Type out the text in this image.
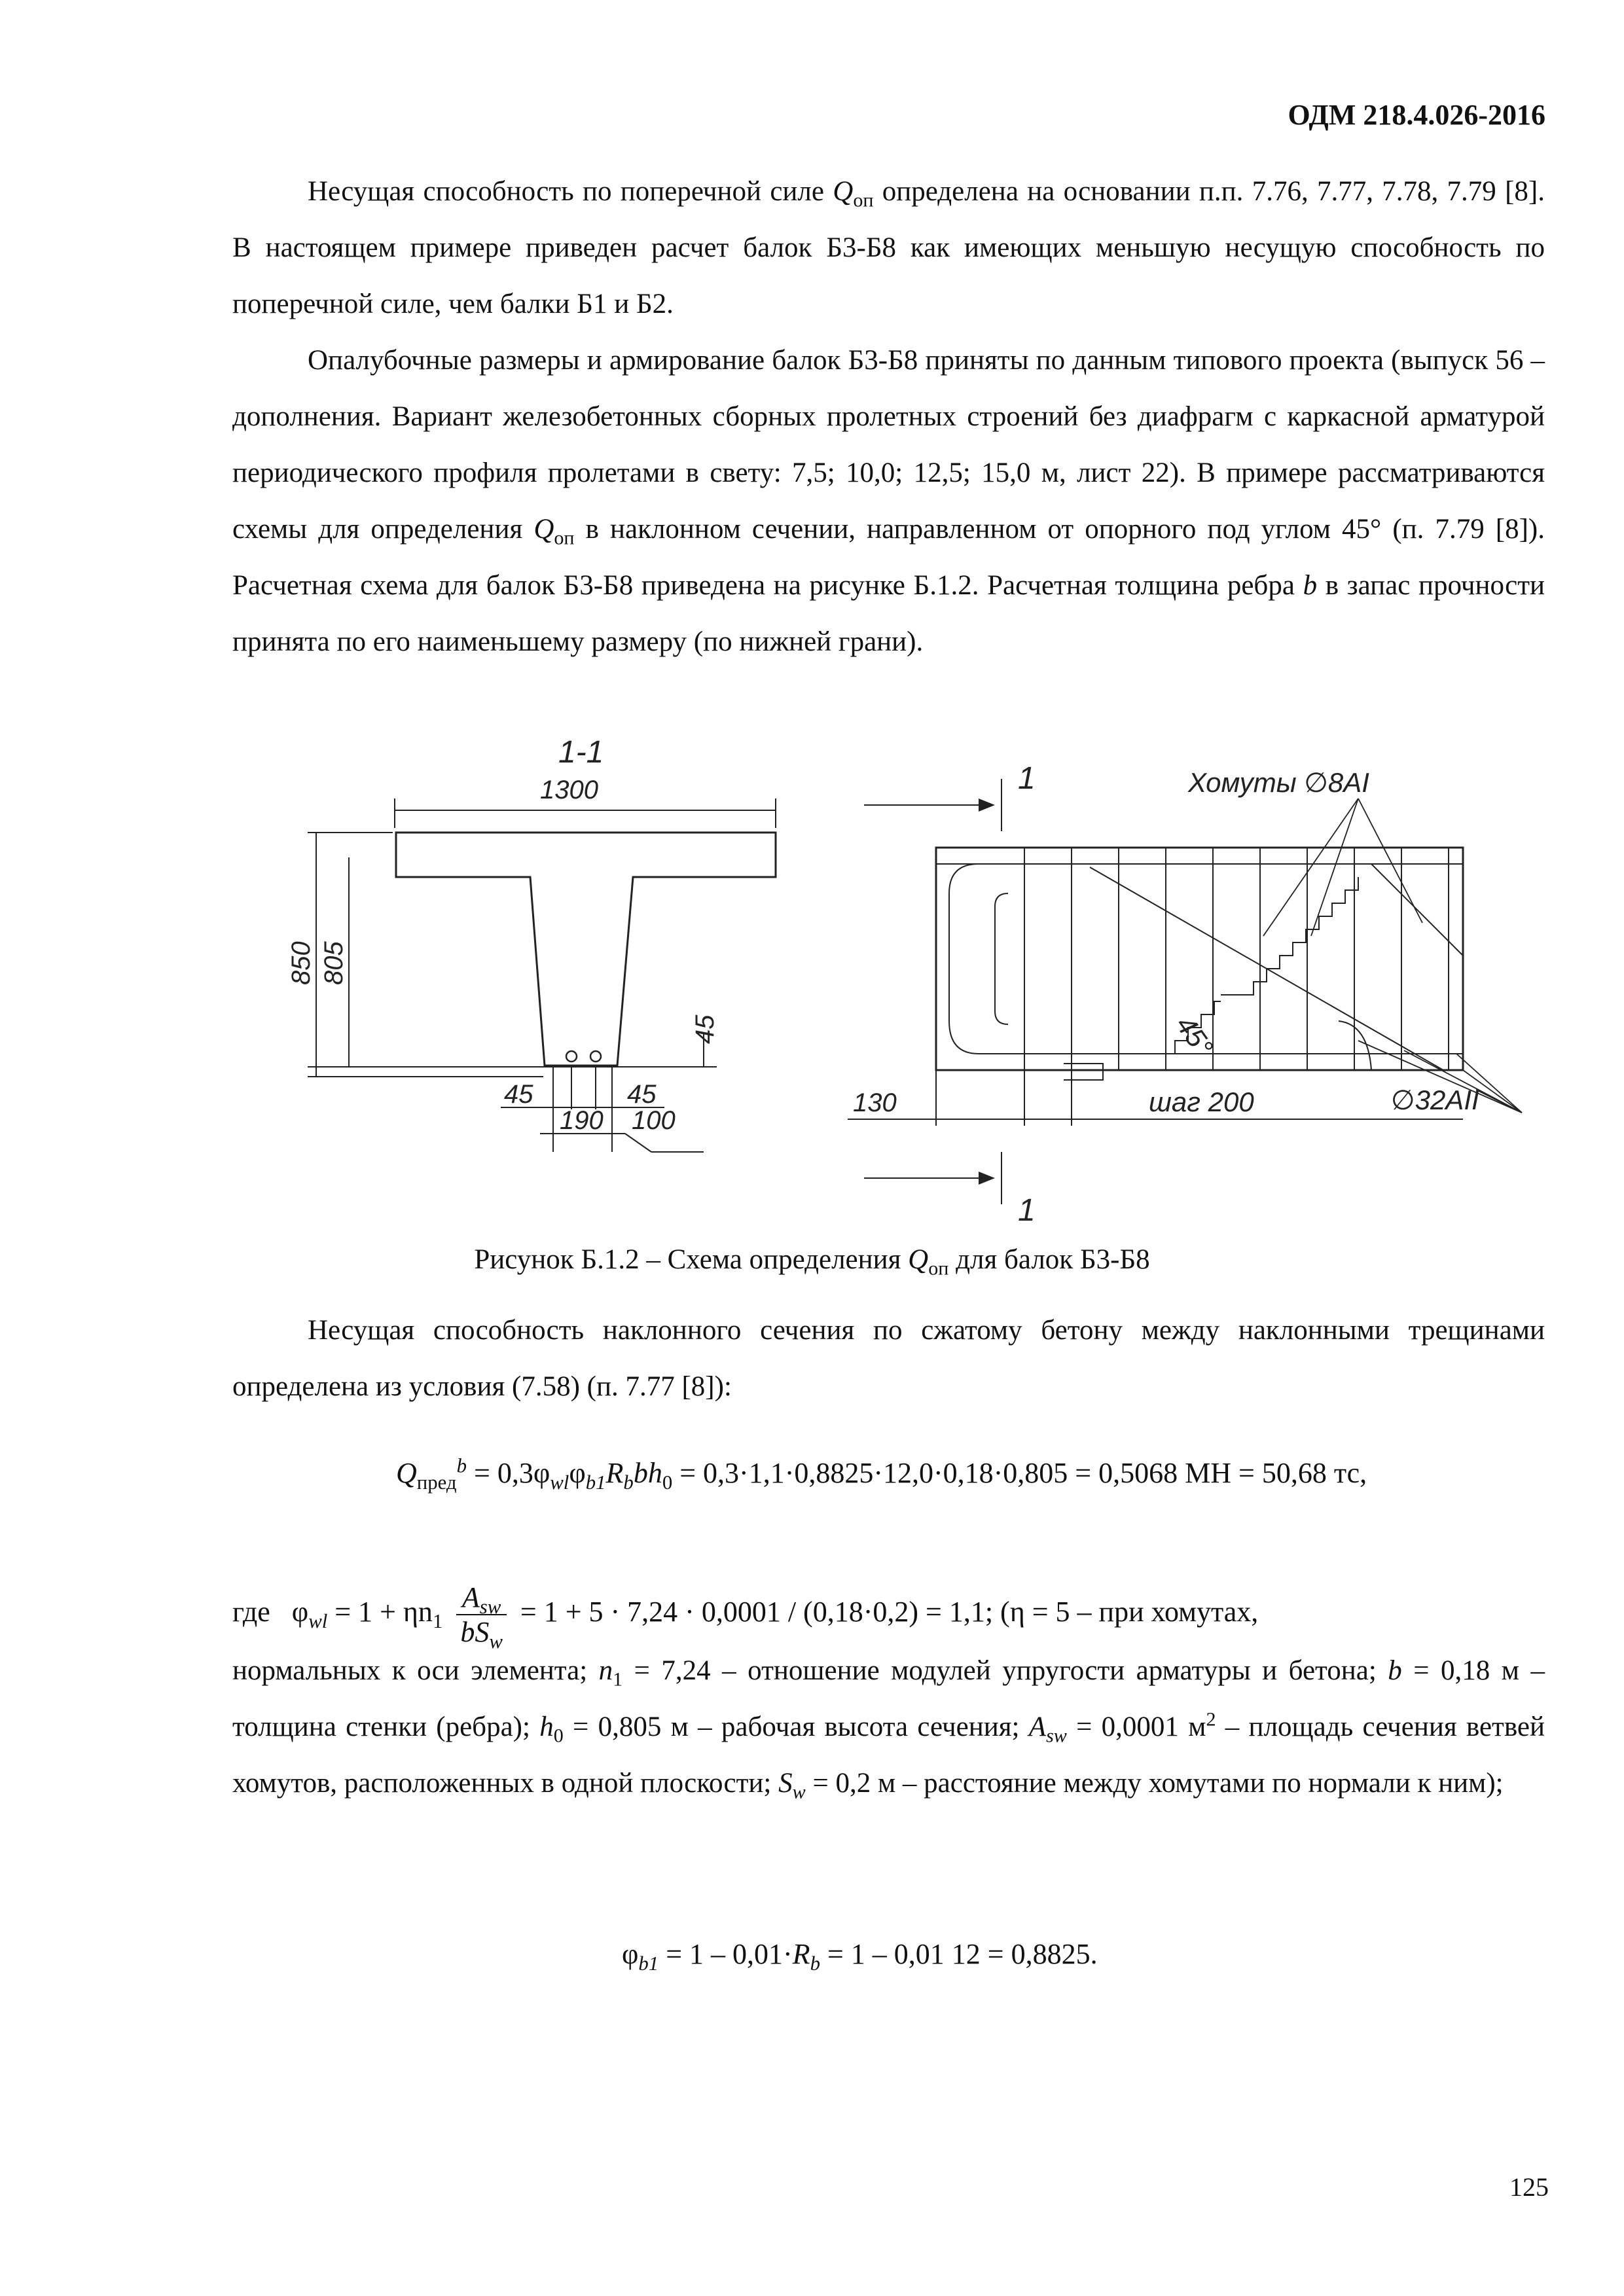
ОДМ 218.4.026-2016

Несущая способность по поперечной силе $Q_{оп}$ определена на основании п.п. 7.76, 7.77, 7.78, 7.79 [8]. В настоящем примере приведен расчет балок Б3-Б8 как имеющих меньшую несущую способность по поперечной силе, чем балки Б1 и Б2.

Опалубочные размеры и армирование балок Б3-Б8 приняты по данным типового проекта (выпуск 56 – дополнения. Вариант железобетонных сборных пролетных строений без диафрагм с каркасной арматурой периодического профиля пролетами в свету: 7,5; 10,0; 12,5; 15,0 м, лист 22). В примере рассматриваются схемы для определения $Q_{оп}$ в наклонном сечении, направленном от опорного под углом 45° (п. 7.79 [8]). Расчетная схема для балок Б3-Б8 приведена на рисунке Б.1.2. Расчетная толщина ребра b в запас прочности принята по его наименьшему размеру (по нижней грани).

1-1
1300
850 805
45
45	45
190 100
1
1
Хомуты ∅8AI
45°
∅32AII
130	шаг 200
Рисунок Б.1.2 – Схема определения $Q_{оп}$ для балок Б3-Б8

Несущая способность наклонного сечения по сжатому бетону между наклонными трещинами определена из условия (7.58) (п. 7.77 [8]):

$Q_{пред}^b = 0,3\varphi_{wl}\varphi_{b1}R_bbh_0 = 0,3\cdot 1,1\cdot 0,8825\cdot 12,0\cdot 0,18\cdot 0,805 = 0,5068$ МН = 50,68 тс,
где $\varphi_{wl} = 1 + \eta n_1$
$A_{sw}$
$bS_w$
= 1 + 5 · 7,24 · 0,0001 / (0,18·0,2) = 1,1; (η = 5 – при хомутах,

нормальных к оси элемента; $n_1 = 7,24$ – отношение модулей упругости арматуры и бетона; b = 0,18 м – толщина стенки (ребра); $h_0 = 0,805$ м – рабочая высота сечения; $A_{sw} = 0,0001$ $м^2$ – площадь сечения ветвей хомутов, расположенных в одной плоскости; $S_w = 0,2$ м – расстояние между хомутами по нормали к ним);

$\varphi_{b1} = 1 - 0,01\cdot R_b = 1 - 0,01$ 12 = 0,8825.
125
